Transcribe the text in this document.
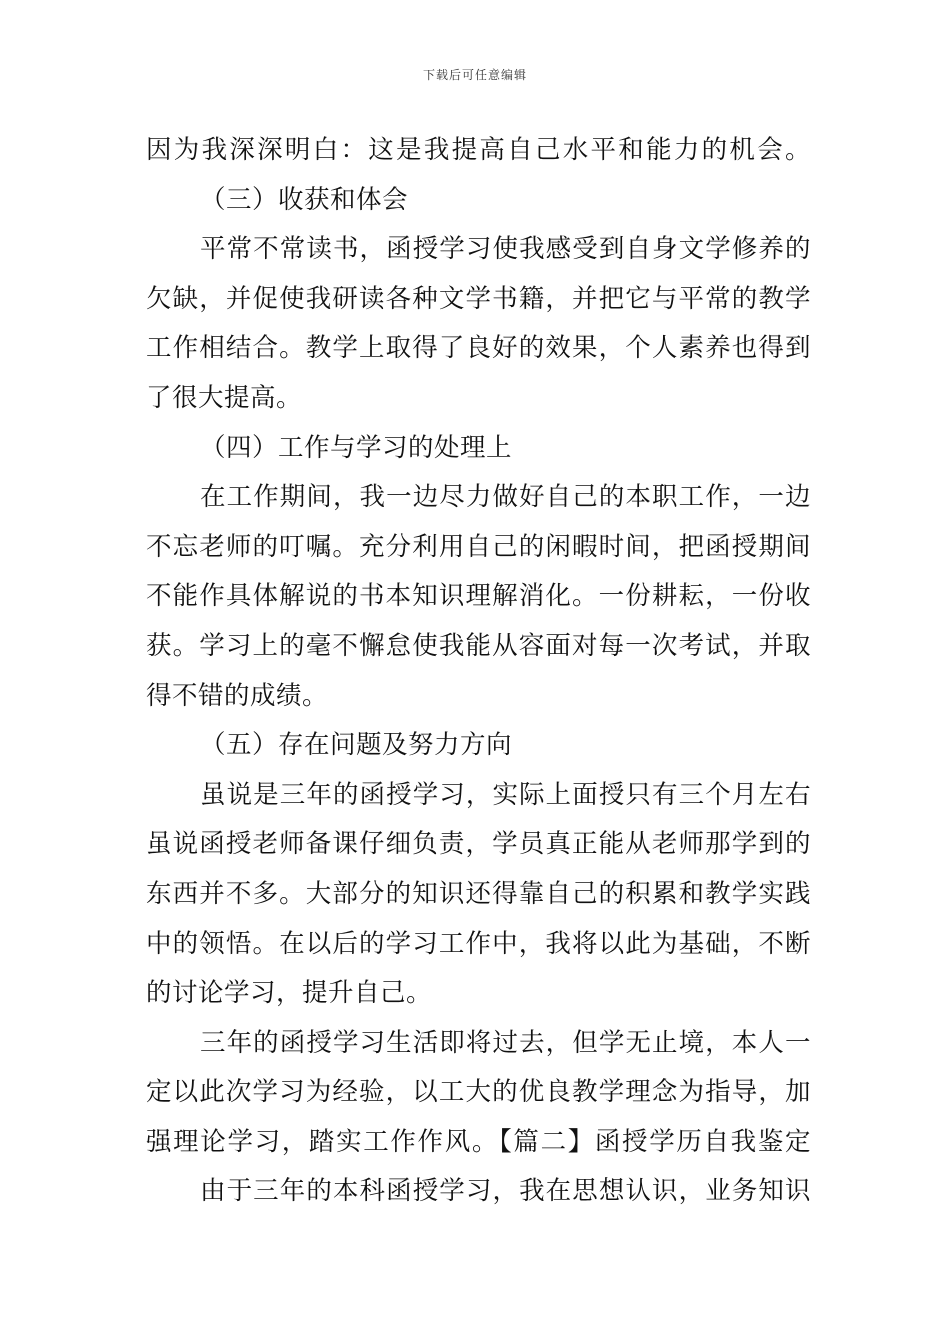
下载后可任意编辑
因为我深深明白：这是我提高自己水平和能力的机会。
（三）收获和体会
平常不常读书，函授学习使我感受到自身文学修养的
欠缺，并促使我研读各种文学书籍，并把它与平常的教学
工作相结合。教学上取得了良好的效果，个人素养也得到
了很大提高。
（四）工作与学习的处理上
在工作期间，我一边尽力做好自己的本职工作，一边
不忘老师的叮嘱。充分利用自己的闲暇时间，把函授期间
不能作具体解说的书本知识理解消化。一份耕耘，一份收
获。学习上的毫不懈怠使我能从容面对每一次考试，并取
得不错的成绩。
（五）存在问题及努力方向
虽说是三年的函授学习，实际上面授只有三个月左右
虽说函授老师备课仔细负责，学员真正能从老师那学到的
东西并不多。大部分的知识还得靠自己的积累和教学实践
中的领悟。在以后的学习工作中，我将以此为基础，不断
的讨论学习，提升自己。
三年的函授学习生活即将过去，但学无止境，本人一
定以此次学习为经验，以工大的优良教学理念为指导，加
强理论学习，踏实工作作风。【篇二】函授学历自我鉴定
由于三年的本科函授学习，我在思想认识，业务知识
